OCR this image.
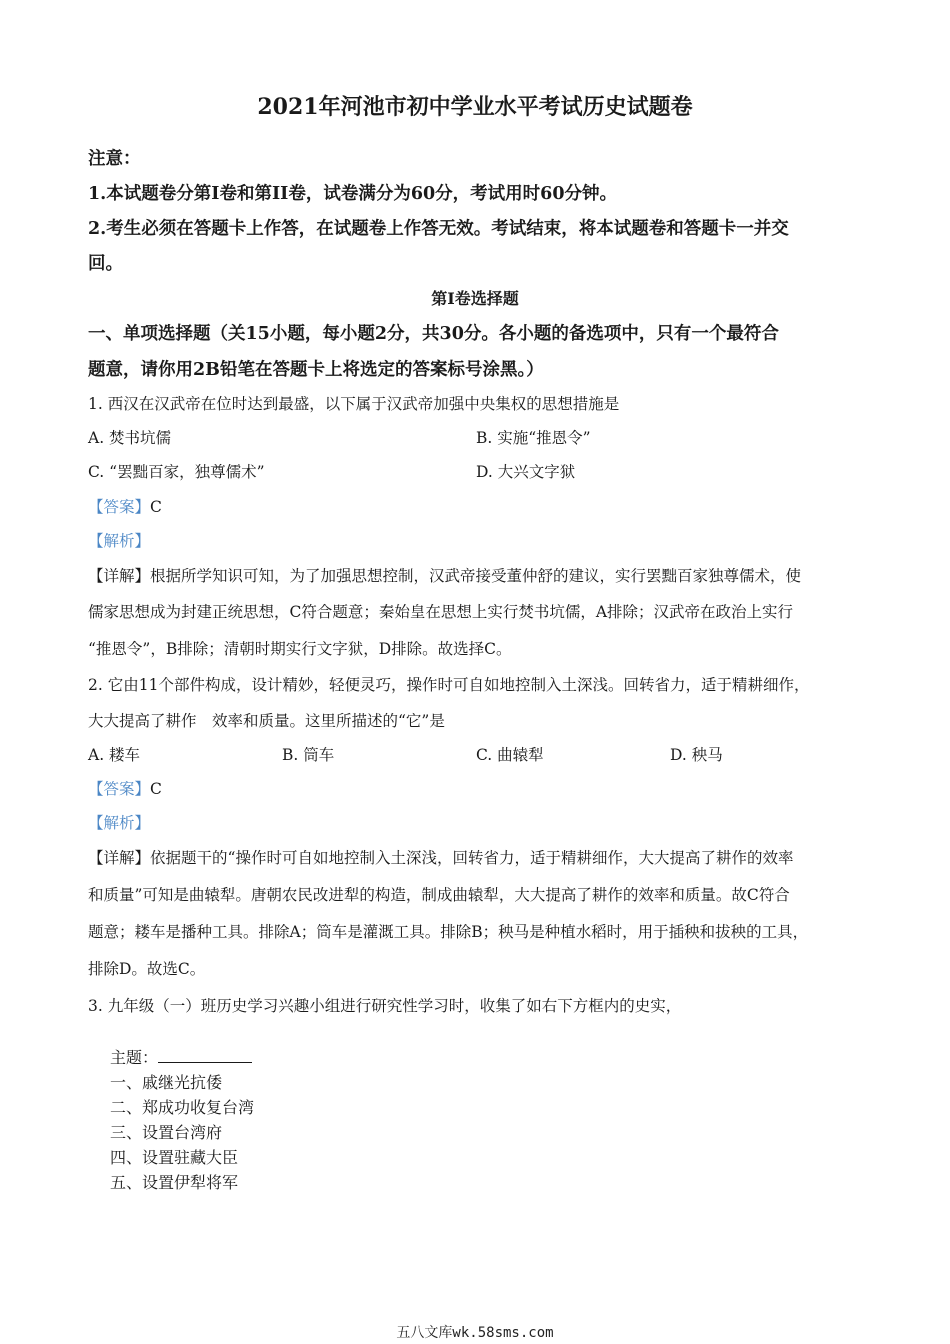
2021年河池市初中学业水平考试历史试题卷
注意：
1.本试题卷分第Ⅰ卷和第II卷，试卷满分为60分，考试用时60分钟。
2.考生必须在答题卡上作答，在试题卷上作答无效。考试结束，将本试题卷和答题卡一并交
回。
第Ⅰ卷选择题
一、单项选择题（关15小题，每小题2分，共30分。各小题的备选项中，只有一个最符合
题意，请你用2B铅笔在答题卡上将选定的答案标号涂黑。）
1. 西汉在汉武帝在位时达到最盛，以下属于汉武帝加强中央集权的思想措施是
A. 焚书坑儒	B. 实施“推恩令”
C. “罢黜百家，独尊儒术”	D. 大兴文字狱
【答案】C
【解析】
【详解】根据所学知识可知，为了加强思想控制，汉武帝接受董仲舒的建议，实行罢黜百家独尊儒术，使
儒家思想成为封建正统思想，C符合题意；秦始皇在思想上实行焚书坑儒，A排除；汉武帝在政治上实行
“推恩令”，B排除；清朝时期实行文字狱，D排除。故选择C。
2. 它由11个部件构成，设计精妙，轻便灵巧，操作时可自如地控制入土深浅。回转省力，适于精耕细作，
大大提高了耕作　效率和质量。这里所描述的“它”是
A. 耧车	B. 筒车	C. 曲辕犁	D. 秧马
【答案】C
【解析】
【详解】依据题干的“操作时可自如地控制入土深浅，回转省力，适于精耕细作，大大提高了耕作的效率
和质量”可知是曲辕犁。唐朝农民改进犁的构造，制成曲辕犁，大大提高了耕作的效率和质量。故C符合
题意；耧车是播种工具。排除A；筒车是灌溉工具。排除B；秧马是种植水稻时，用于插秧和拔秧的工具，
排除D。故选C。
3. 九年级（一）班历史学习兴趣小组进行研究性学习时，收集了如右下方框内的史实，
主题：
一、戚继光抗倭
二、郑成功收复台湾
三、设置台湾府
四、设置驻藏大臣
五、设置伊犁将军
五八文库wk.58sms.com
